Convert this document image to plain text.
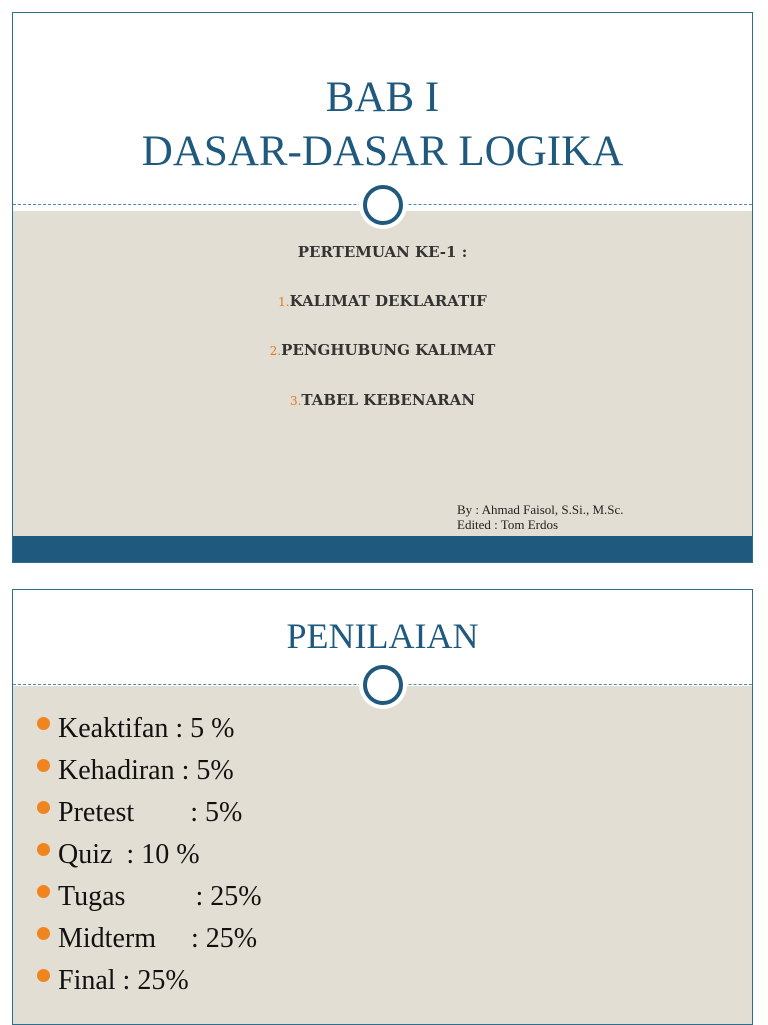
BAB I
DASAR-DASAR LOGIKA
PERTEMUAN KE-1 :
1.KALIMAT DEKLARATIF
2.PENGHUBUNG KALIMAT
3.TABEL KEBENARAN
By : Ahmad Faisol, S.Si., M.Sc.
Edited : Tom Erdos
PENILAIAN
Keaktifan : 5 %
Kehadiran : 5%
Pretest        : 5%
Quiz  : 10 %
Tugas          : 25%
Midterm     : 25%
Final : 25%
